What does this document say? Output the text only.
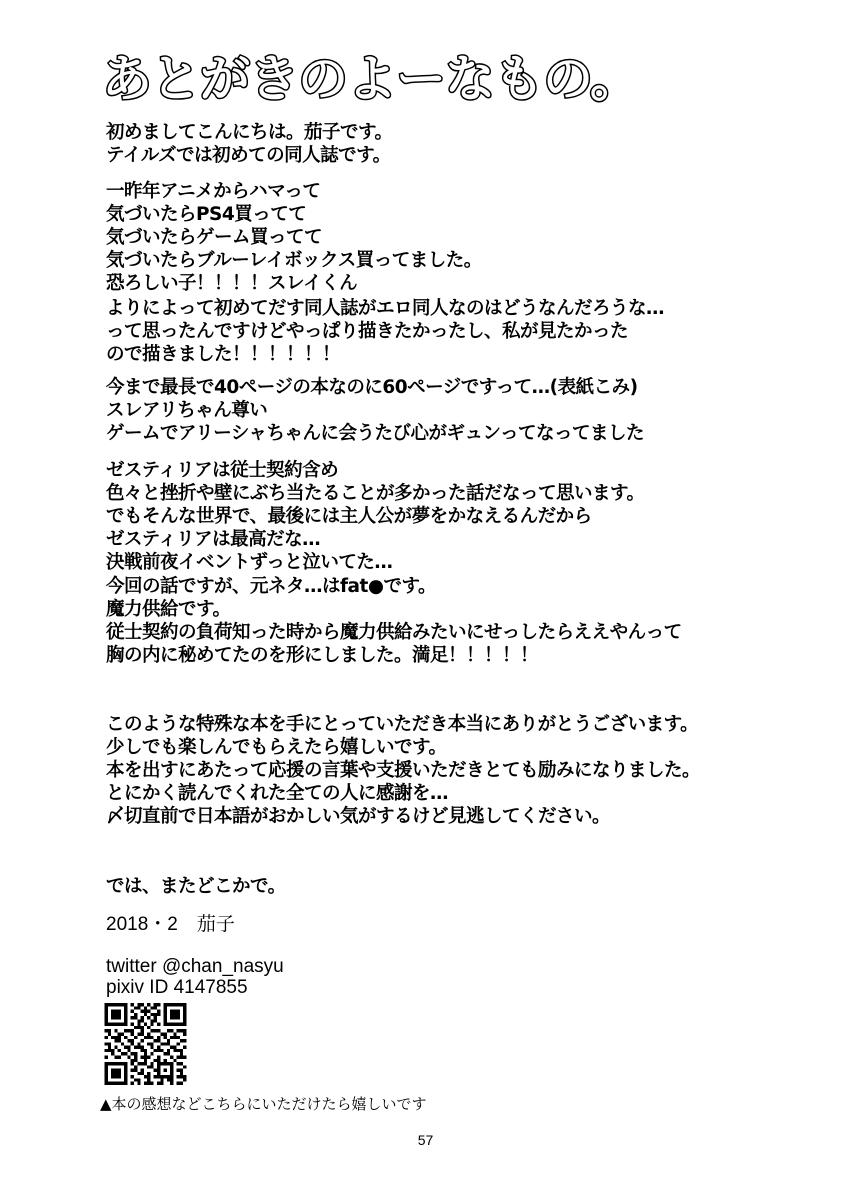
あとがきのよーなもの。
初めましてこんにちは。茄子です。
テイルズでは初めての同人誌です。
一昨年アニメからハマって
気づいたらPS4買ってて
気づいたらゲーム買ってて
気づいたらブルーレイボックス買ってました。
恐ろしい子！！！！スレイくん
よりによって初めてだす同人誌がエロ同人なのはどうなんだろうな…
って思ったんですけどやっぱり描きたかったし、私が見たかった
ので描きました！！！！！！
今まで最長で40ページの本なのに60ページですって…(表紙こみ)
スレアリちゃん尊い
ゲームでアリーシャちゃんに会うたび心がギュンってなってました
ゼスティリアは従士契約含め
色々と挫折や壁にぶち当たることが多かった話だなって思います。
でもそんな世界で、最後には主人公が夢をかなえるんだから
ゼスティリアは最高だな…
決戦前夜イベントずっと泣いてた…
今回の話ですが、元ネタ…はfat●です。
魔力供給です。
従士契約の負荷知った時から魔力供給みたいにせっしたらええやんって
胸の内に秘めてたのを形にしました。満足！！！！！
このような特殊な本を手にとっていただき本当にありがとうございます。
少しでも楽しんでもらえたら嬉しいです。
本を出すにあたって応援の言葉や支援いただきとても励みになりました。
とにかく読んでくれた全ての人に感謝を…
〆切直前で日本語がおかしい気がするけど見逃してください。
では、またどこかで。
2018・2　茄子
twitter @chan_nasyu
pixiv ID 4147855
▲本の感想などこちらにいただけたら嬉しいです
57
